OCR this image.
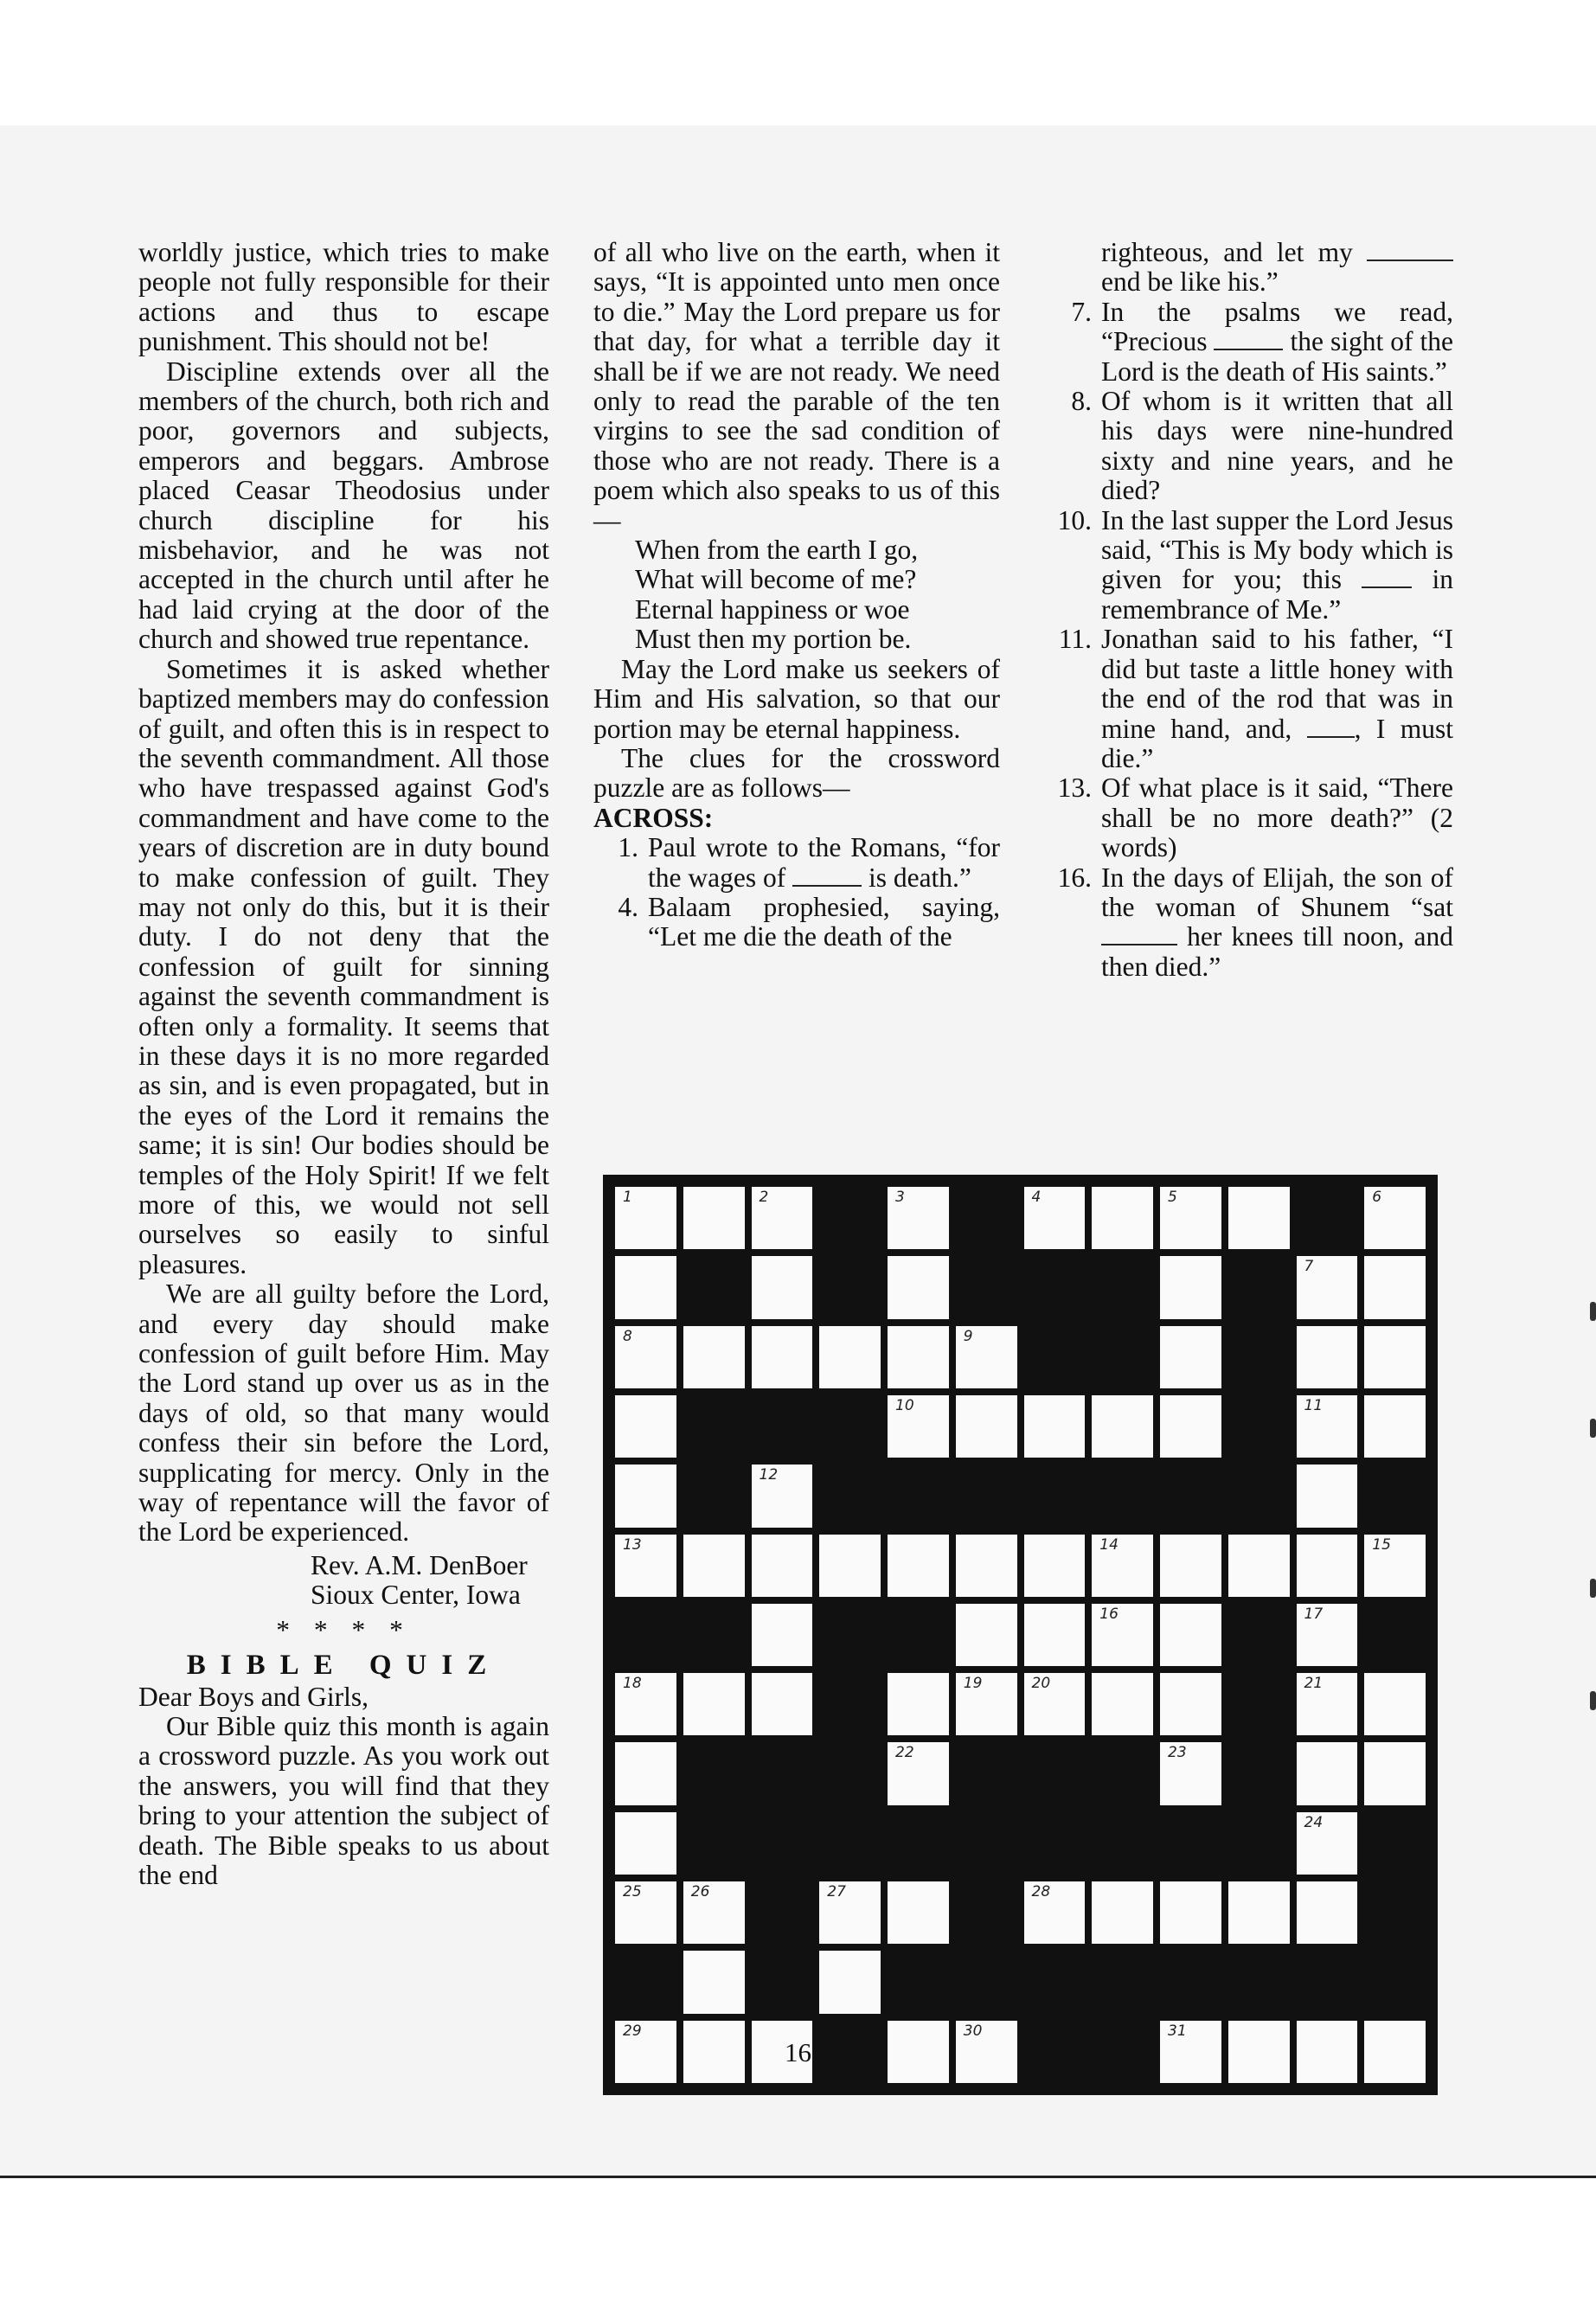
worldly justice, which tries to make people not fully responsible for their actions and thus to escape punishment. This should not be!

Discipline extends over all the members of the church, both rich and poor, governors and subjects, emperors and beggars. Ambrose placed Ceasar Theodosius under church discipline for his misbehavior, and he was not accepted in the church until after he had laid crying at the door of the church and showed true repentance.

Sometimes it is asked whether baptized members may do confession of guilt, and often this is in respect to the seventh commandment. All those who have trespassed against God's commandment and have come to the years of discretion are in duty bound to make confession of guilt. They may not only do this, but it is their duty. I do not deny that the confession of guilt for sinning against the seventh commandment is often only a formality. It seems that in these days it is no more regarded as sin, and is even propagated, but in the eyes of the Lord it remains the same; it is sin! Our bodies should be temples of the Holy Spirit! If we felt more of this, we would not sell ourselves so easily to sinful pleasures.

We are all guilty before the Lord, and every day should make confession of guilt before Him. May the Lord stand up over us as in the days of old, so that many would confess their sin before the Lord, supplicating for mercy. Only in the way of repentance will the favor of the Lord be experienced.

Rev. A.M. DenBoer
Sioux Center, Iowa
* * * *
BIBLE QUIZ

Dear Boys and Girls,

Our Bible quiz this month is again a crossword puzzle. As you work out the answers, you will find that they bring to your attention the subject of death. The Bible speaks to us about the end

of all who live on the earth, when it says, “It is appointed unto men once to die.” May the Lord prepare us for that day, for what a terrible day it shall be if we are not ready. We need only to read the parable of the ten virgins to see the sad condition of those who are not ready. There is a poem which also speaks to us of this—

When from the earth I go,
What will become of me?
Eternal happiness or woe
Must then my portion be.

May the Lord make us seekers of Him and His salvation, so that our portion may be eternal happiness.

The clues for the crossword puzzle are as follows—

ACROSS:
1. Paul wrote to the Romans, “for the wages of	is death.”
4. Balaam prophesied, saying, “Let me die the death of the
righteous, and let my  end be like his.”
7. In the psalms we read, “Precious	the sight of the Lord is the death of His saints.”
8. Of whom is it written that all his days were nine-hundred sixty and nine years, and he died?
10. In the last supper the Lord Jesus said, “This is My body which is given for you; this	in remembrance of Me.”
11. Jonathan said to his father, “I did but taste a little honey with the end of the rod that was in mine hand, and, , I must die.”
13. Of what place is it said, “There shall be no more death?” (2 words)
16. In the days of Elijah, the son of the woman of Shunem “sat  her knees till noon, and then died.”
1	2	3	4	5	6
7
8	9
10	11
12
13	14	15
16	17
18	19	20	21
22	23
24
25	26	27	28
29	30	31
16
